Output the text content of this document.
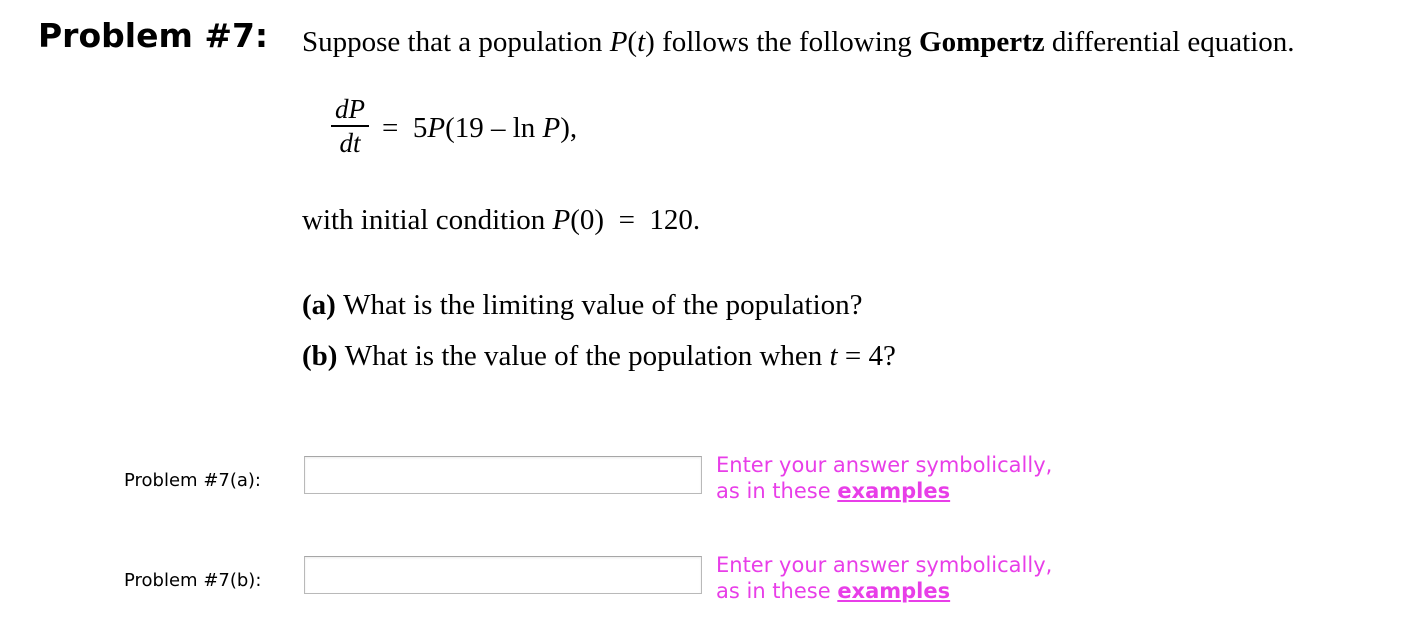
Problem #7: Suppose that a population P(t) follows the following Gompertz differential equation.
dP
dt = 5P(19 – ln P),
with initial condition P(0) = 120.
(a) What is the limiting value of the population?
(b) What is the value of the population when t = 4?
Problem #7(a):
Enter your answer symbolically,
as in these examples
Problem #7(b):
Enter your answer symbolically,
as in these examples
